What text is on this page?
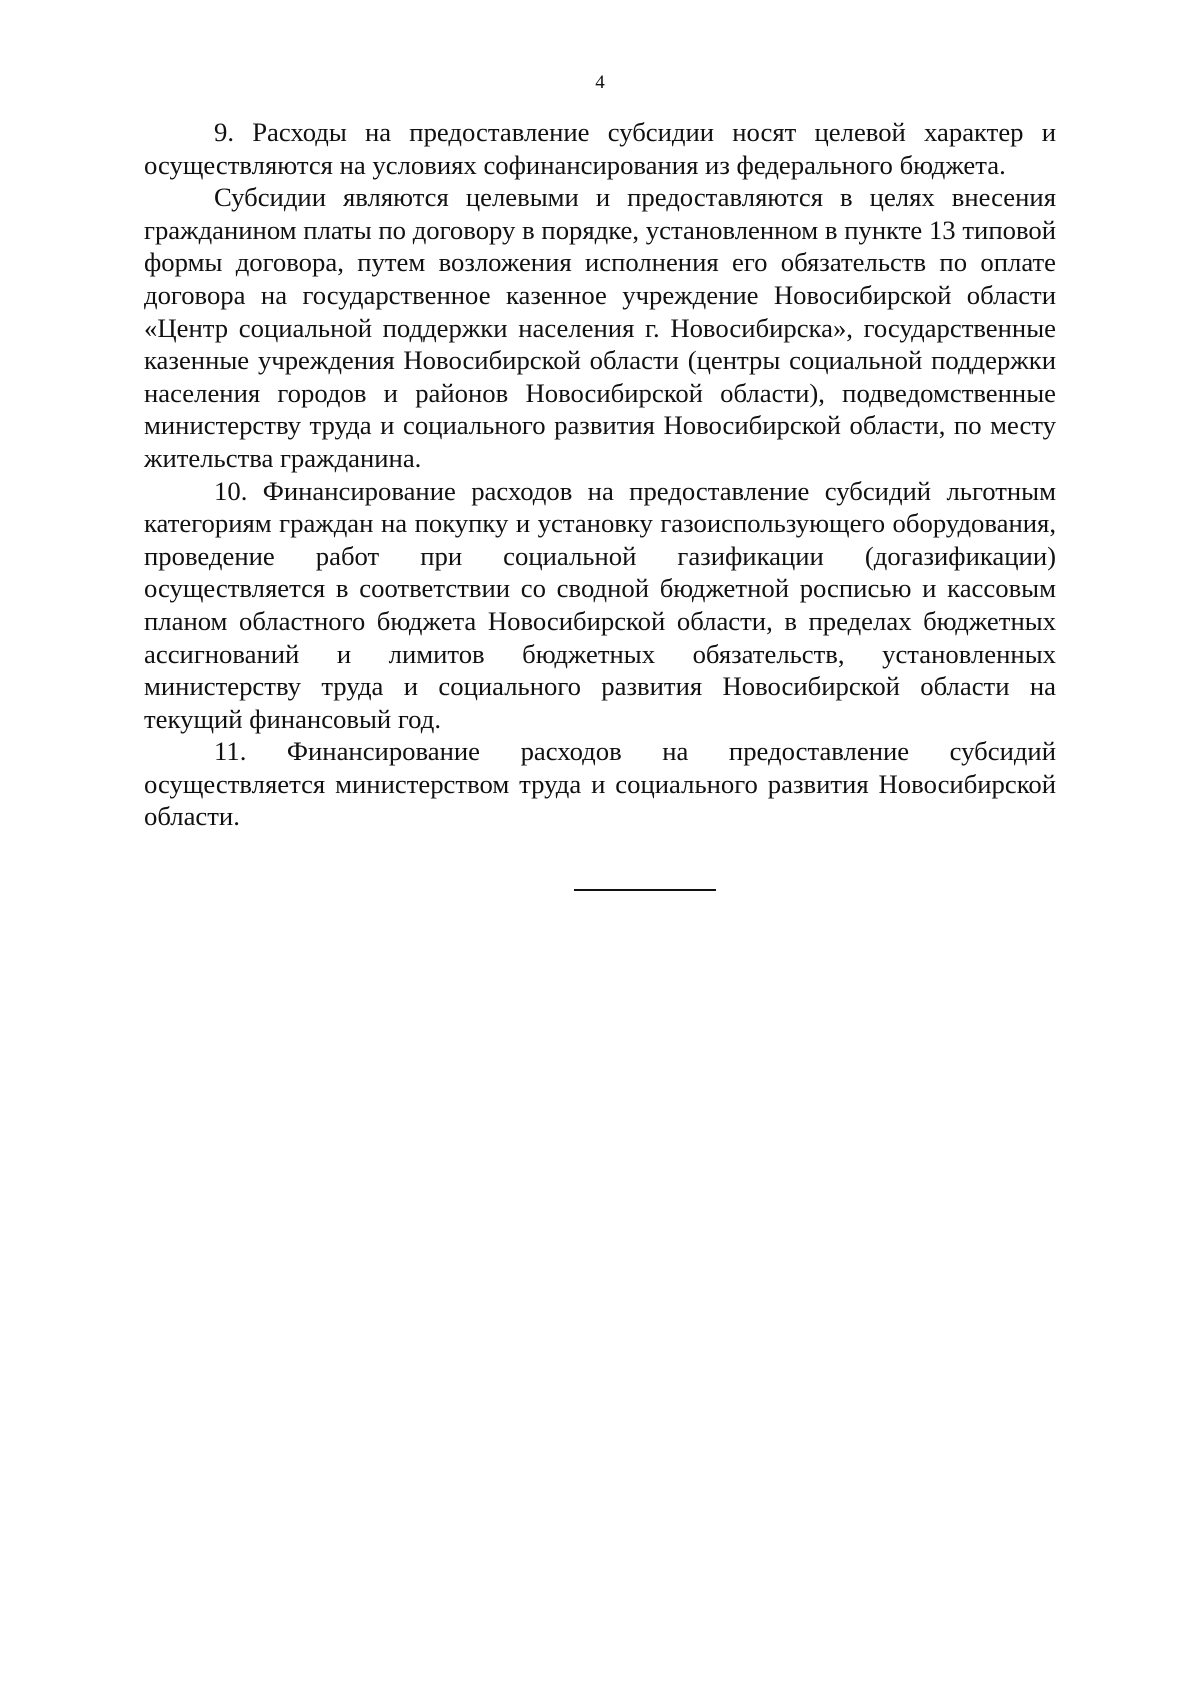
4

9. Расходы на предоставление субсидии носят целевой характер и осуществляются на условиях софинансирования из федерального бюджета.

Субсидии являются целевыми и предоставляются в целях внесения гражданином платы по договору в порядке, установленном в пункте 13 типовой формы договора, путем возложения исполнения его обязательств по оплате договора на государственное казенное учреждение Новосибирской области «Центр социальной поддержки населения г. Новосибирска», государственные казенные учреждения Новосибирской области (центры социальной поддержки населения городов и районов Новосибирской области), подведомственные министерству труда и социального развития Новосибирской области, по месту жительства гражданина.

10. Финансирование расходов на предоставление субсидий льготным категориям граждан на покупку и установку газоиспользующего оборудования, проведение работ при социальной газификации (догазификации) осуществляется в соответствии со сводной бюджетной росписью и кассовым планом областного бюджета Новосибирской области, в пределах бюджетных ассигнований и лимитов бюджетных обязательств, установленных министерству труда и социального развития Новосибирской области на текущий финансовый год.

11. Финансирование расходов на предоставление субсидий осуществляется министерством труда и социального развития Новосибирской области.
